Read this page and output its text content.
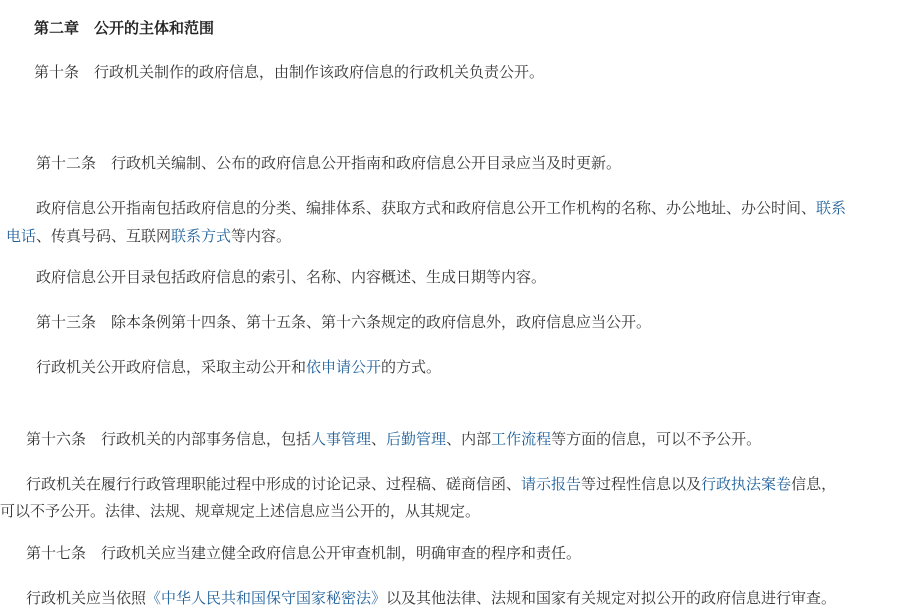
第二章　公开的主体和范围
第十条　行政机关制作的政府信息，由制作该政府信息的行政机关负责公开。
第十二条　行政机关编制、公布的政府信息公开指南和政府信息公开目录应当及时更新。
政府信息公开指南包括政府信息的分类、编排体系、获取方式和政府信息公开工作机构的名称、办公地址、办公时间、联系
电话、传真号码、互联网联系方式等内容。
政府信息公开目录包括政府信息的索引、名称、内容概述、生成日期等内容。
第十三条　除本条例第十四条、第十五条、第十六条规定的政府信息外，政府信息应当公开。
行政机关公开政府信息，采取主动公开和依申请公开的方式。
第十六条　行政机关的内部事务信息，包括人事管理、后勤管理、内部工作流程等方面的信息，可以不予公开。
行政机关在履行行政管理职能过程中形成的讨论记录、过程稿、磋商信函、请示报告等过程性信息以及行政执法案卷信息，
可以不予公开。法律、法规、规章规定上述信息应当公开的，从其规定。
第十七条　行政机关应当建立健全政府信息公开审查机制，明确审查的程序和责任。
行政机关应当依照《中华人民共和国保守国家秘密法》以及其他法律、法规和国家有关规定对拟公开的政府信息进行审查。
